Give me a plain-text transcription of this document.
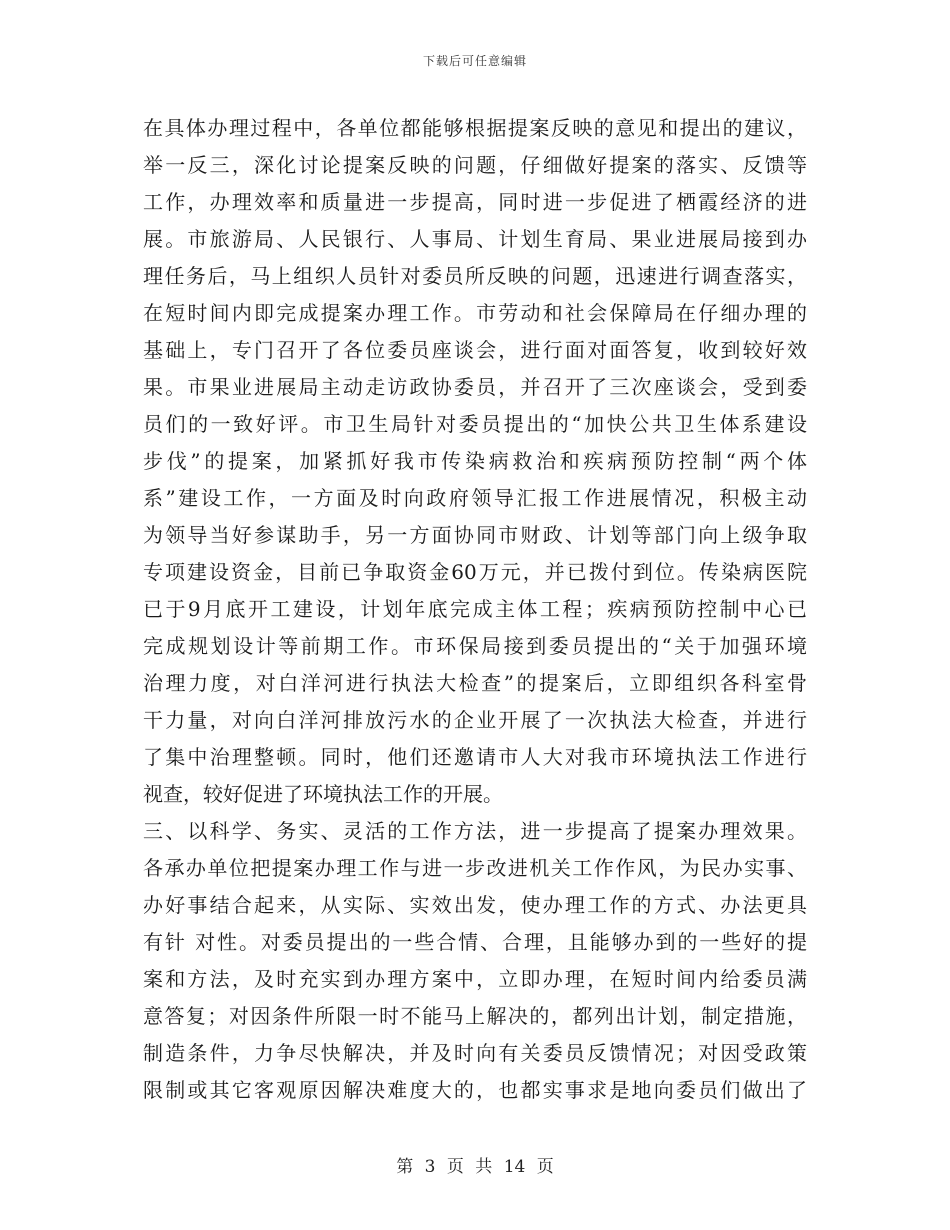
下载后可任意编辑
在具体办理过程中，各单位都能够根据提案反映的意见和提出的建议，
举一反三，深化讨论提案反映的问题，仔细做好提案的落实、反馈等
工作，办理效率和质量进一步提高，同时进一步促进了栖霞经济的进
展。市旅游局、人民银行、人事局、计划生育局、果业进展局接到办
理任务后，马上组织人员针对委员所反映的问题，迅速进行调查落实，
在短时间内即完成提案办理工作。市劳动和社会保障局在仔细办理的
基础上，专门召开了各位委员座谈会，进行面对面答复，收到较好效
果。市果业进展局主动走访政协委员，并召开了三次座谈会，受到委
员们的一致好评。市卫生局针对委员提出的“加快公共卫生体系建设
步伐”的提案，加紧抓好我市传染病救治和疾病预防控制“两个体
系”建设工作，一方面及时向政府领导汇报工作进展情况，积极主动
为领导当好参谋助手，另一方面协同市财政、计划等部门向上级争取
专项建设资金，目前已争取资金60万元，并已拨付到位。传染病医院
已于9月底开工建设，计划年底完成主体工程；疾病预防控制中心已
完成规划设计等前期工作。市环保局接到委员提出的“关于加强环境
治理力度，对白洋河进行执法大检查”的提案后，立即组织各科室骨
干力量，对向白洋河排放污水的企业开展了一次执法大检查，并进行
了集中治理整顿。同时，他们还邀请市人大对我市环境执法工作进行
视查，较好促进了环境执法工作的开展。
三、以科学、务实、灵活的工作方法，进一步提高了提案办理效果。
各承办单位把提案办理工作与进一步改进机关工作作风，为民办实事、
办好事结合起来，从实际、实效出发，使办理工作的方式、办法更具
有针 对性。对委员提出的一些合情、合理，且能够办到的一些好的提
案和方法，及时充实到办理方案中，立即办理，在短时间内给委员满
意答复；对因条件所限一时不能马上解决的，都列出计划，制定措施，
制造条件，力争尽快解决，并及时向有关委员反馈情况；对因受政策
限制或其它客观原因解决难度大的，也都实事求是地向委员们做出了
第 3 页 共 14 页
